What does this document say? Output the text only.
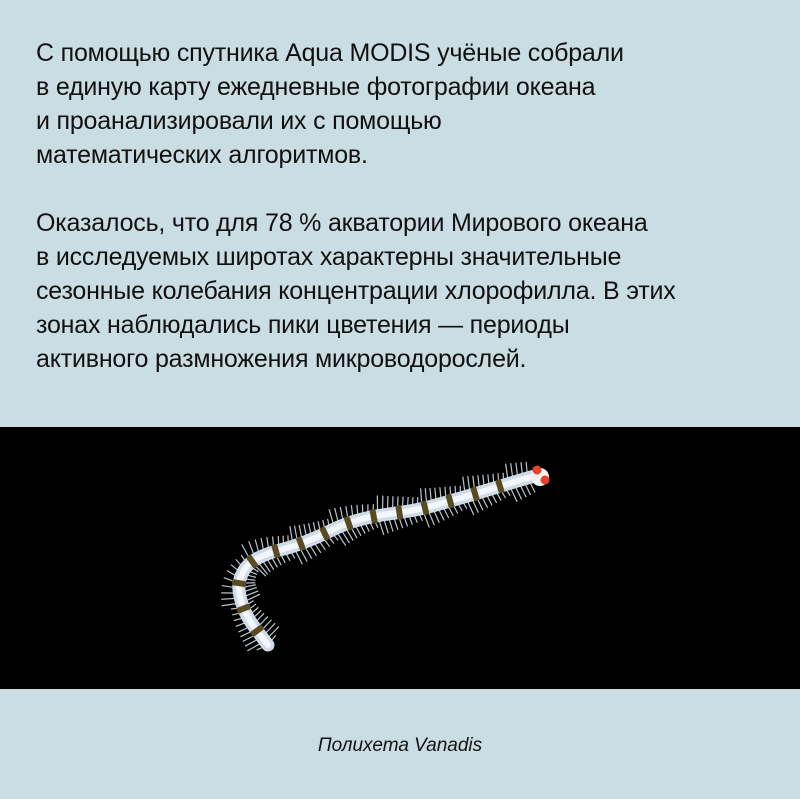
С помощью спутника Aqua MODIS учёные собрали
в единую карту ежедневные фотографии океана
и проанализировали их с помощью
математических алгоритмов.

Оказалось, что для 78 % акватории Мирового океана
в исследуемых широтах характерны значительные
сезонные колебания концентрации хлорофилла. В этих
зонах наблюдались пики цветения — периоды
активного размножения микроводорослей.

Полихета Vanadis
